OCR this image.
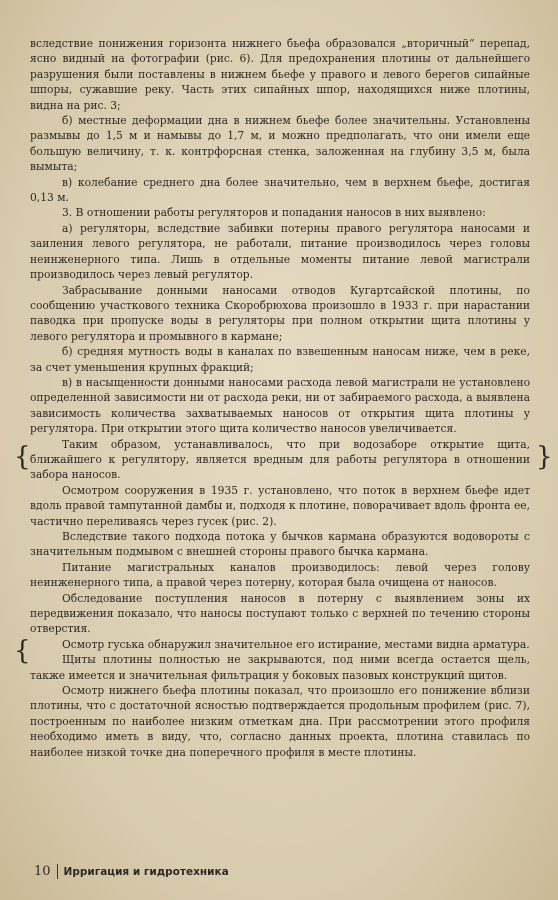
вследствие понижения горизонта нижнего бьефа образовался „вторичный“ перепад, ясно видный на фотографии (рис. 6). Для предохранения плотины от дальнейшего разрушения были поставлены в нижнем бьефе у правого и левого берегов сипайные шпоры, сужавшие реку. Часть этих сипайных шпор, находящихся ниже плотины, видна на рис. 3;

б) местные деформации дна в нижнем бьефе более значительны. Установлены размывы до 1,5 м и намывы до 1,7 м, и можно предполагать, что они имели еще большую величину, т. к. контрфорсная стенка, заложенная на глубину 3,5 м, была вымыта;

в) колебание среднего дна более значительно, чем в верхнем бьефе, достигая 0,13 м.

3. В отношении работы регуляторов и попадания наносов в них выявлено:

а) регуляторы, вследствие забивки потерны правого регулятора наносами и заиления левого регулятора, не работали, питание производилось через головы неинженерного типа. Лишь в отдельные моменты питание левой магистрали производилось через левый регулятор.

Забрасывание донными наносами отводов Кугартсайской плотины, по сообщению участкового техника Скоробрюхова произошло в 1933 г. при нарастании паводка при пропуске воды в регуляторы при полном открытии щита плотины у левого регулятора и промывного в кармане;

б) средняя мутность воды в каналах по взвешенным наносам ниже, чем в реке, за счет уменьшения крупных фракций;

в) в насыщенности донными наносами расхода левой магистрали не установлено определенной зависимости ни от расхода реки, ни от забираемого расхода, а выявлена зависимость количества захватываемых наносов от открытия щита плотины у регулятора. При открытии этого щита количество наносов увеличивается.

Таким образом, устанавливалось, что при водозаборе открытие щита, ближайшего к регулятору, является вредным для работы регулятора в отношении забора наносов.

Осмотром сооружения в 1935 г. установлено, что поток в верхнем бьефе идет вдоль правой тампутанной дамбы и, подходя к плотине, поворачивает вдоль фронта ее, частично переливаясь через гусек (рис. 2).

Вследствие такого подхода потока у бычков кармана образуются водовороты с значительным подмывом с внешней стороны правого бычка кармана.

Питание магистральных каналов производилось: левой через голову неинженерного типа, а правой через потерну, которая была очищена от наносов.

Обследование поступления наносов в потерну с выявлением зоны их передвижения показало, что наносы поступают только с верхней по течению стороны отверстия.

Осмотр гуська обнаружил значительное его истирание, местами видна арматура.

Щиты плотины полностью не закрываются, под ними всегда остается щель, также имеется и значительная фильтрация у боковых пазовых конструкций щитов.

Осмотр нижнего бьефа плотины показал, что произошло его понижение вблизи плотины, что с достаточной ясностью подтверждается продольным профилем (рис. 7), построенным по наиболее низким отметкам дна. При рассмотрении этого профиля необходимо иметь в виду, что, согласно данных проекта, плотина ставилась по наиболее низкой точке дна поперечного профиля в месте плотины.

{	}
{
10 Ирригация и гидротехника
